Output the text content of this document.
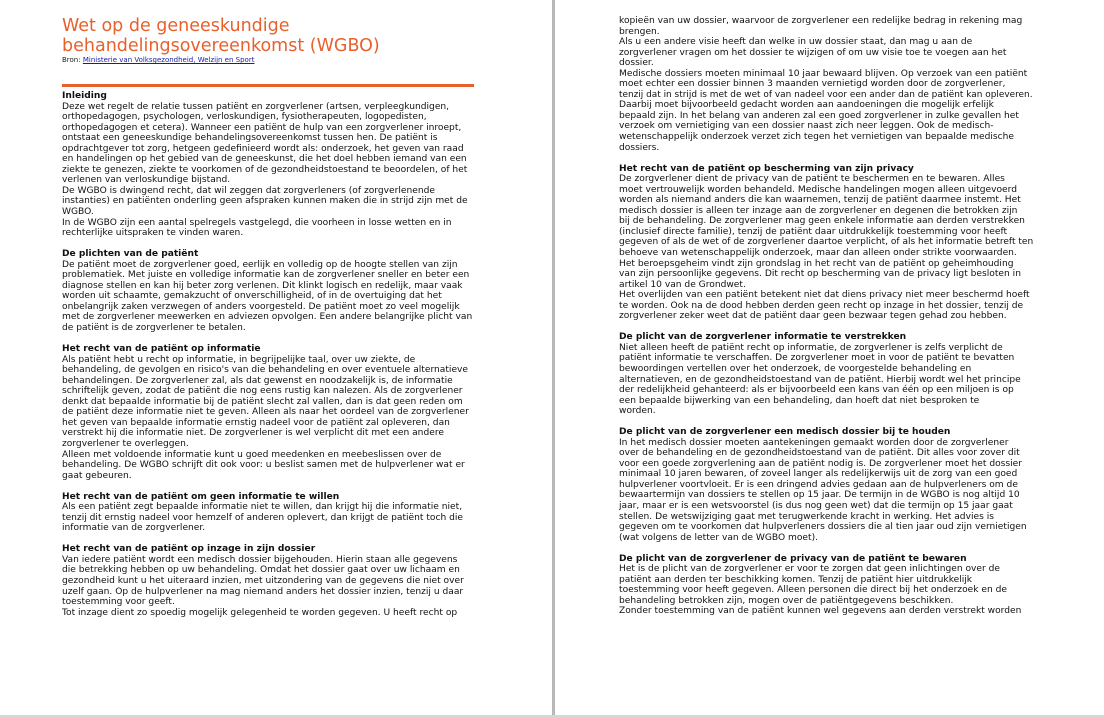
Wet op de geneeskundige
behandelingsovereenkomst (WGBO)
Bron: Ministerie van Volksgezondheid, Welzijn en Sport
Inleiding

Deze wet regelt de relatie tussen patiënt en zorgverlener (artsen, verpleegkundigen,

orthopedagogen, psychologen, verloskundigen, fysiotherapeuten, logopedisten,

orthopedagogen et cetera). Wanneer een patiënt de hulp van een zorgverlener inroept,

ontstaat een geneeskundige behandelingsovereenkomst tussen hen. De patiënt is

opdrachtgever tot zorg, hetgeen gedefinieerd wordt als: onderzoek, het geven van raad

en handelingen op het gebied van de geneeskunst, die het doel hebben iemand van een

ziekte te genezen, ziekte te voorkomen of de gezondheidstoestand te beoordelen, of het

verlenen van verloskundige bijstand.

De WGBO is dwingend recht, dat wil zeggen dat zorgverleners (of zorgverlenende

instanties) en patiënten onderling geen afspraken kunnen maken die in strijd zijn met de

WGBO.

In de WGBO zijn een aantal spelregels vastgelegd, die voorheen in losse wetten en in

rechterlijke uitspraken te vinden waren.

De plichten van de patiënt

De patiënt moet de zorgverlener goed, eerlijk en volledig op de hoogte stellen van zijn

problematiek. Met juiste en volledige informatie kan de zorgverlener sneller en beter een

diagnose stellen en kan hij beter zorg verlenen. Dit klinkt logisch en redelijk, maar vaak

worden uit schaamte, gemakzucht of onverschilligheid, of in de overtuiging dat het

onbelangrijk zaken verzwegen of anders voorgesteld. De patiënt moet zo veel mogelijk

met de zorgverlener meewerken en adviezen opvolgen. Een andere belangrijke plicht van

de patiënt is de zorgverlener te betalen.

Het recht van de patiënt op informatie

Als patiënt hebt u recht op informatie, in begrijpelijke taal, over uw ziekte, de

behandeling, de gevolgen en risico's van die behandeling en over eventuele alternatieve

behandelingen. De zorgverlener zal, als dat gewenst en noodzakelijk is, de informatie

schriftelijk geven, zodat de patiënt die nog eens rustig kan nalezen. Als de zorgverlener

denkt dat bepaalde informatie bij de patiënt slecht zal vallen, dan is dat geen reden om

de patiënt deze informatie niet te geven. Alleen als naar het oordeel van de zorgverlener

het geven van bepaalde informatie ernstig nadeel voor de patiënt zal opleveren, dan

verstrekt hij die informatie niet. De zorgverlener is wel verplicht dit met een andere

zorgverlener te overleggen.

Alleen met voldoende informatie kunt u goed meedenken en meebeslissen over de

behandeling. De WGBO schrijft dit ook voor: u beslist samen met de hulpverlener wat er

gaat gebeuren.

Het recht van de patiënt om geen informatie te willen

Als een patiënt zegt bepaalde informatie niet te willen, dan krijgt hij die informatie niet,

tenzij dit ernstig nadeel voor hemzelf of anderen oplevert, dan krijgt de patiënt toch die

informatie van de zorgverlener.

Het recht van de patiënt op inzage in zijn dossier

Van iedere patiënt wordt een medisch dossier bijgehouden. Hierin staan alle gegevens

die betrekking hebben op uw behandeling. Omdat het dossier gaat over uw lichaam en

gezondheid kunt u het uiteraard inzien, met uitzondering van de gegevens die niet over

uzelf gaan. Op de hulpverlener na mag niemand anders het dossier inzien, tenzij u daar

toestemming voor geeft.

Tot inzage dient zo spoedig mogelijk gelegenheid te worden gegeven. U heeft recht op

kopieën van uw dossier, waarvoor de zorgverlener een redelijke bedrag in rekening mag

brengen.

Als u een andere visie heeft dan welke in uw dossier staat, dan mag u aan de

zorgverlener vragen om het dossier te wijzigen of om uw visie toe te voegen aan het

dossier.

Medische dossiers moeten minimaal 10 jaar bewaard blijven. Op verzoek van een patiënt

moet echter een dossier binnen 3 maanden vernietigd worden door de zorgverlener,

tenzij dat in strijd is met de wet of van nadeel voor een ander dan de patiënt kan opleveren.

Daarbij moet bijvoorbeeld gedacht worden aan aandoeningen die mogelijk erfelijk

bepaald zijn. In het belang van anderen zal een goed zorgverlener in zulke gevallen het

verzoek om vernietiging van een dossier naast zich neer leggen. Ook de medisch-

wetenschappelijk onderzoek verzet zich tegen het vernietigen van bepaalde medische

dossiers.

Het recht van de patiënt op bescherming van zijn privacy

De zorgverlener dient de privacy van de patiënt te beschermen en te bewaren. Alles

moet vertrouwelijk worden behandeld. Medische handelingen mogen alleen uitgevoerd

worden als niemand anders die kan waarnemen, tenzij de patiënt daarmee instemt. Het

medisch dossier is alleen ter inzage aan de zorgverlener en degenen die betrokken zijn

bij de behandeling. De zorgverlener mag geen enkele informatie aan derden verstrekken

(inclusief directe familie), tenzij de patiënt daar uitdrukkelijk toestemming voor heeft

gegeven of als de wet of de zorgverlener daartoe verplicht, of als het informatie betreft ten

behoeve van wetenschappelijk onderzoek, maar dan alleen onder strikte voorwaarden.

Het beroepsgeheim vindt zijn grondslag in het recht van de patiënt op geheimhouding

van zijn persoonlijke gegevens. Dit recht op bescherming van de privacy ligt besloten in

artikel 10 van de Grondwet.

Het overlijden van een patiënt betekent niet dat diens privacy niet meer beschermd hoeft

te worden. Ook na de dood hebben derden geen recht op inzage in het dossier, tenzij de

zorgverlener zeker weet dat de patiënt daar geen bezwaar tegen gehad zou hebben.

De plicht van de zorgverlener informatie te verstrekken

Niet alleen heeft de patiënt recht op informatie, de zorgverlener is zelfs verplicht de

patiënt informatie te verschaffen. De zorgverlener moet in voor de patiënt te bevatten

bewoordingen vertellen over het onderzoek, de voorgestelde behandeling en

alternatieven, en de gezondheidstoestand van de patiënt. Hierbij wordt wel het principe

der redelijkheid gehanteerd: als er bijvoorbeeld een kans van één op een miljoen is op

een bepaalde bijwerking van een behandeling, dan hoeft dat niet besproken te

worden.

De plicht van de zorgverlener een medisch dossier bij te houden

In het medisch dossier moeten aantekeningen gemaakt worden door de zorgverlener

over de behandeling en de gezondheidstoestand van de patiënt. Dit alles voor zover dit

voor een goede zorgverlening aan de patiënt nodig is. De zorgverlener moet het dossier

minimaal 10 jaren bewaren, of zoveel langer als redelijkerwijs uit de zorg van een goed

hulpverlener voortvloeit. Er is een dringend advies gedaan aan de hulpverleners om de

bewaartermijn van dossiers te stellen op 15 jaar. De termijn in de WGBO is nog altijd 10

jaar, maar er is een wetsvoorstel (is dus nog geen wet) dat die termijn op 15 jaar gaat

stellen. De wetswijziging gaat met terugwerkende kracht in werking. Het advies is

gegeven om te voorkomen dat hulpverleners dossiers die al tien jaar oud zijn vernietigen

(wat volgens de letter van de WGBO moet).

De plicht van de zorgverlener de privacy van de patiënt te bewaren

Het is de plicht van de zorgverlener er voor te zorgen dat geen inlichtingen over de

patiënt aan derden ter beschikking komen. Tenzij de patiënt hier uitdrukkelijk

toestemming voor heeft gegeven. Alleen personen die direct bij het onderzoek en de

behandeling betrokken zijn, mogen over de patiëntgegevens beschikken.

Zonder toestemming van de patiënt kunnen wel gegevens aan derden verstrekt worden
